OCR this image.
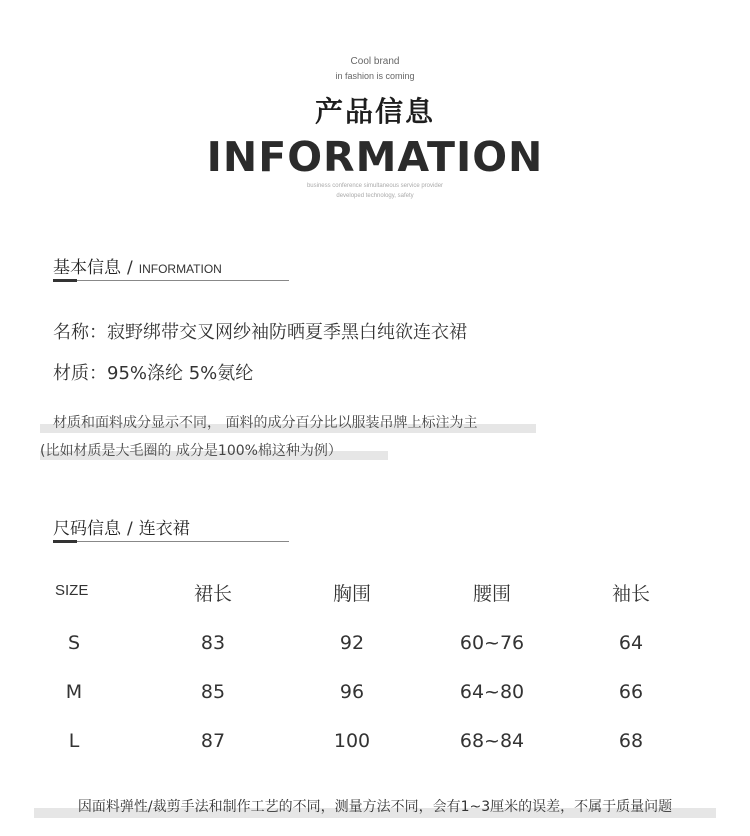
Cool brand
in fashion is coming
产品信息
INFORMATION
business conference simultaneous service provider
developed technology, safety
基本信息 / INFORMATION
名称：寂野绑带交叉网纱袖防晒夏季黑白纯欲连衣裙
材质：95%涤纶 5%氨纶
材质和面料成分显示不同， 面料的成分百分比以服装吊牌上标注为主
(比如材质是大毛圈的 成分是100%棉这种为例）
尺码信息 / 连衣裙
SIZE	裙长	胸围	腰围	袖长
S	83	92	60~76	64
M	85	96	64~80	66
L	87	100	68~84	68
因面料弹性/裁剪手法和制作工艺的不同，测量方法不同，会有1~3厘米的误差，不属于质量问题
